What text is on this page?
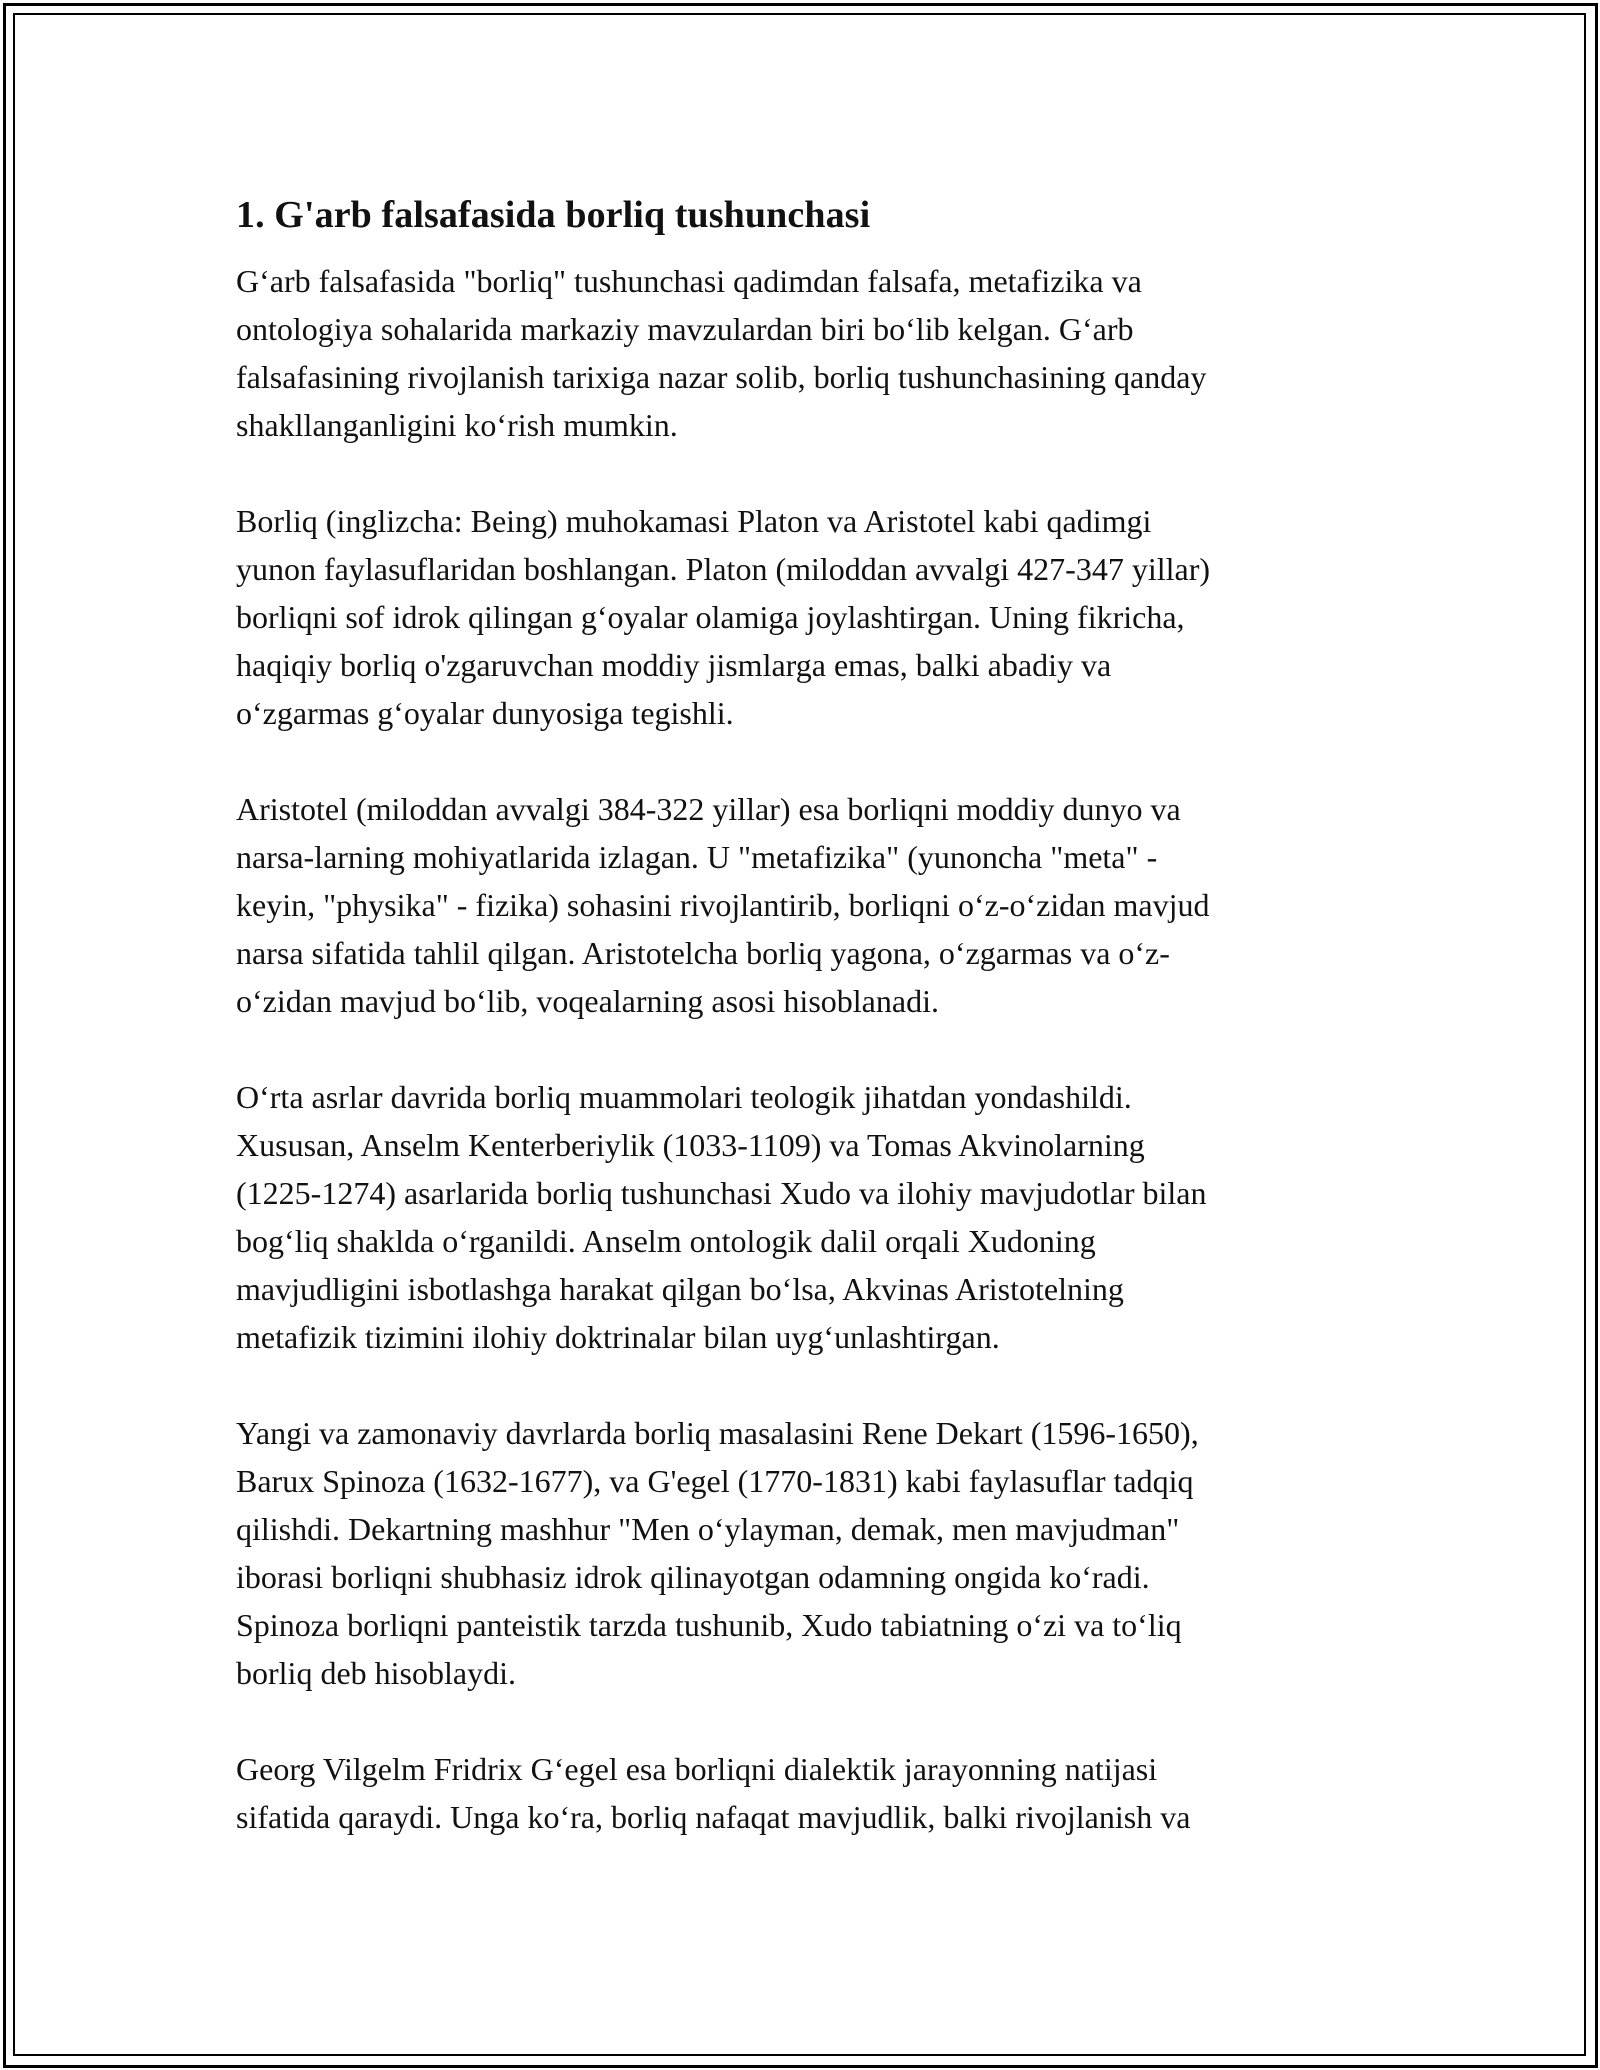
1. G'arb falsafasida borliq tushunchasi
G‘arb falsafasida "borliq" tushunchasi qadimdan falsafa, metafizika va
ontologiya sohalarida markaziy mavzulardan biri bo‘lib kelgan. G‘arb
falsafasining rivojlanish tarixiga nazar solib, borliq tushunchasining qanday
shakllanganligini ko‘rish mumkin.
Borliq (inglizcha: Being) muhokamasi Platon va Aristotel kabi qadimgi
yunon faylasuflaridan boshlangan. Platon (miloddan avvalgi 427-347 yillar)
borliqni sof idrok qilingan g‘oyalar olamiga joylashtirgan. Uning fikricha,
haqiqiy borliq o'zgaruvchan moddiy jismlarga emas, balki abadiy va
o‘zgarmas g‘oyalar dunyosiga tegishli.
Aristotel (miloddan avvalgi 384-322 yillar) esa borliqni moddiy dunyo va
narsa-larning mohiyatlarida izlagan. U "metafizika" (yunoncha "meta" -
keyin, "physika" - fizika) sohasini rivojlantirib, borliqni o‘z-o‘zidan mavjud
narsa sifatida tahlil qilgan. Aristotelcha borliq yagona, o‘zgarmas va o‘z-
o‘zidan mavjud bo‘lib, voqealarning asosi hisoblanadi.
O‘rta asrlar davrida borliq muammolari teologik jihatdan yondashildi.
Xususan, Anselm Kenterberiylik (1033-1109) va Tomas Akvinolarning
(1225-1274) asarlarida borliq tushunchasi Xudo va ilohiy mavjudotlar bilan
bog‘liq shaklda o‘rganildi. Anselm ontologik dalil orqali Xudoning
mavjudligini isbotlashga harakat qilgan bo‘lsa, Akvinas Aristotelning
metafizik tizimini ilohiy doktrinalar bilan uyg‘unlashtirgan.
Yangi va zamonaviy davrlarda borliq masalasini Rene Dekart (1596-1650),
Barux Spinoza (1632-1677), va G'egel (1770-1831) kabi faylasuflar tadqiq
qilishdi. Dekartning mashhur "Men o‘ylayman, demak, men mavjudman"
iborasi borliqni shubhasiz idrok qilinayotgan odamning ongida ko‘radi.
Spinoza borliqni panteistik tarzda tushunib, Xudo tabiatning o‘zi va to‘liq
borliq deb hisoblaydi.
Georg Vilgelm Fridrix G‘egel esa borliqni dialektik jarayonning natijasi
sifatida qaraydi. Unga ko‘ra, borliq nafaqat mavjudlik, balki rivojlanish va
